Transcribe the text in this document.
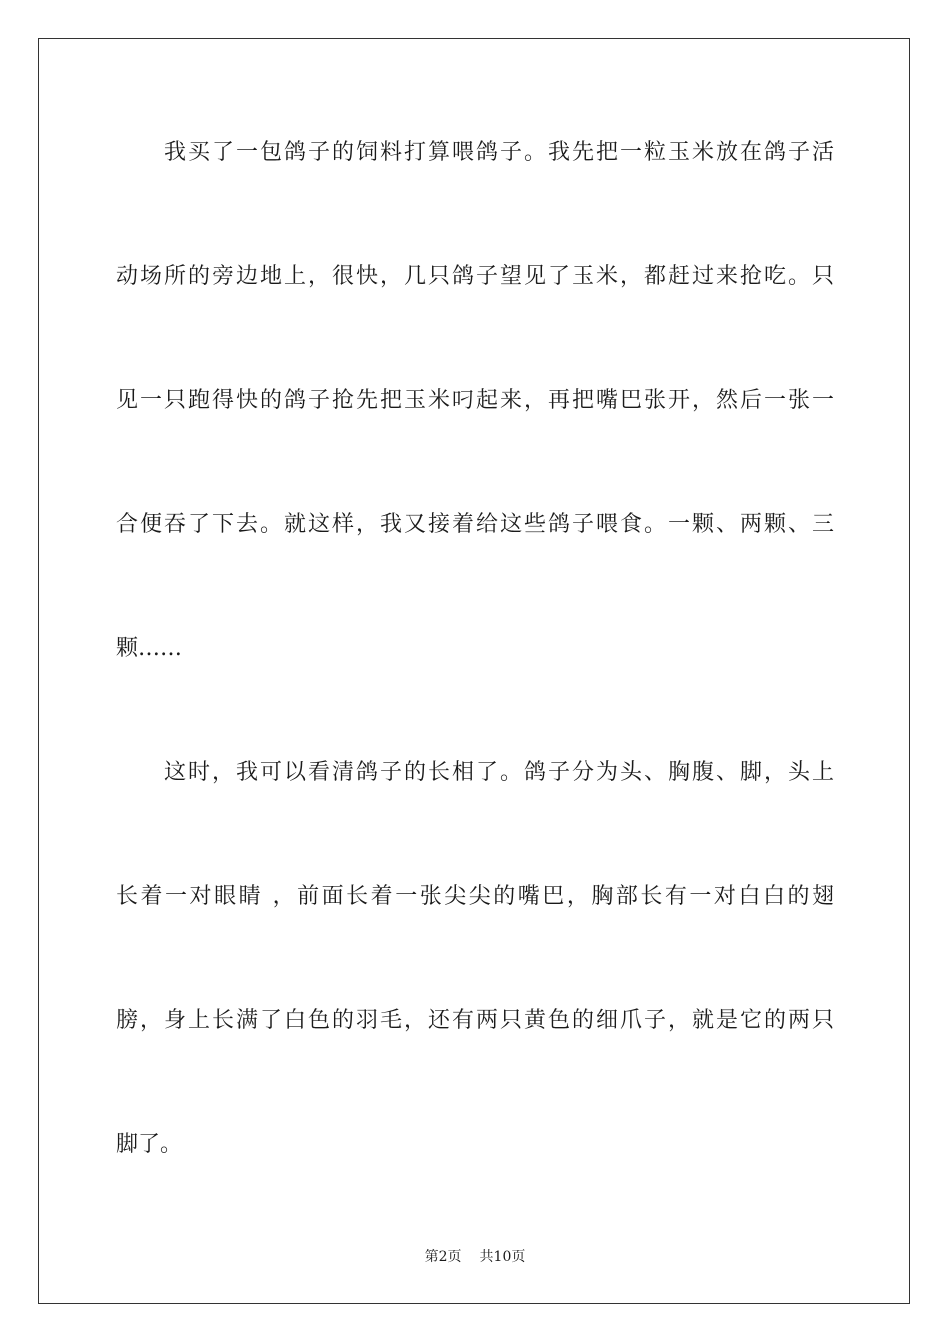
我买了一包鸽子的饲料打算喂鸽子。我先把一粒玉米放在鸽子活
动场所的旁边地上，很快，几只鸽子望见了玉米，都赶过来抢吃。只
见一只跑得快的鸽子抢先把玉米叼起来，再把嘴巴张开，然后一张一
合便吞了下去。就这样，我又接着给这些鸽子喂食。一颗、两颗、三
颗……
这时，我可以看清鸽子的长相了。鸽子分为头、胸腹、脚，头上
长着一对眼睛 ，前面长着一张尖尖的嘴巴，胸部长有一对白白的翅
膀，身上长满了白色的羽毛，还有两只黄色的细爪子，就是它的两只
脚了。
第2页 共10页
